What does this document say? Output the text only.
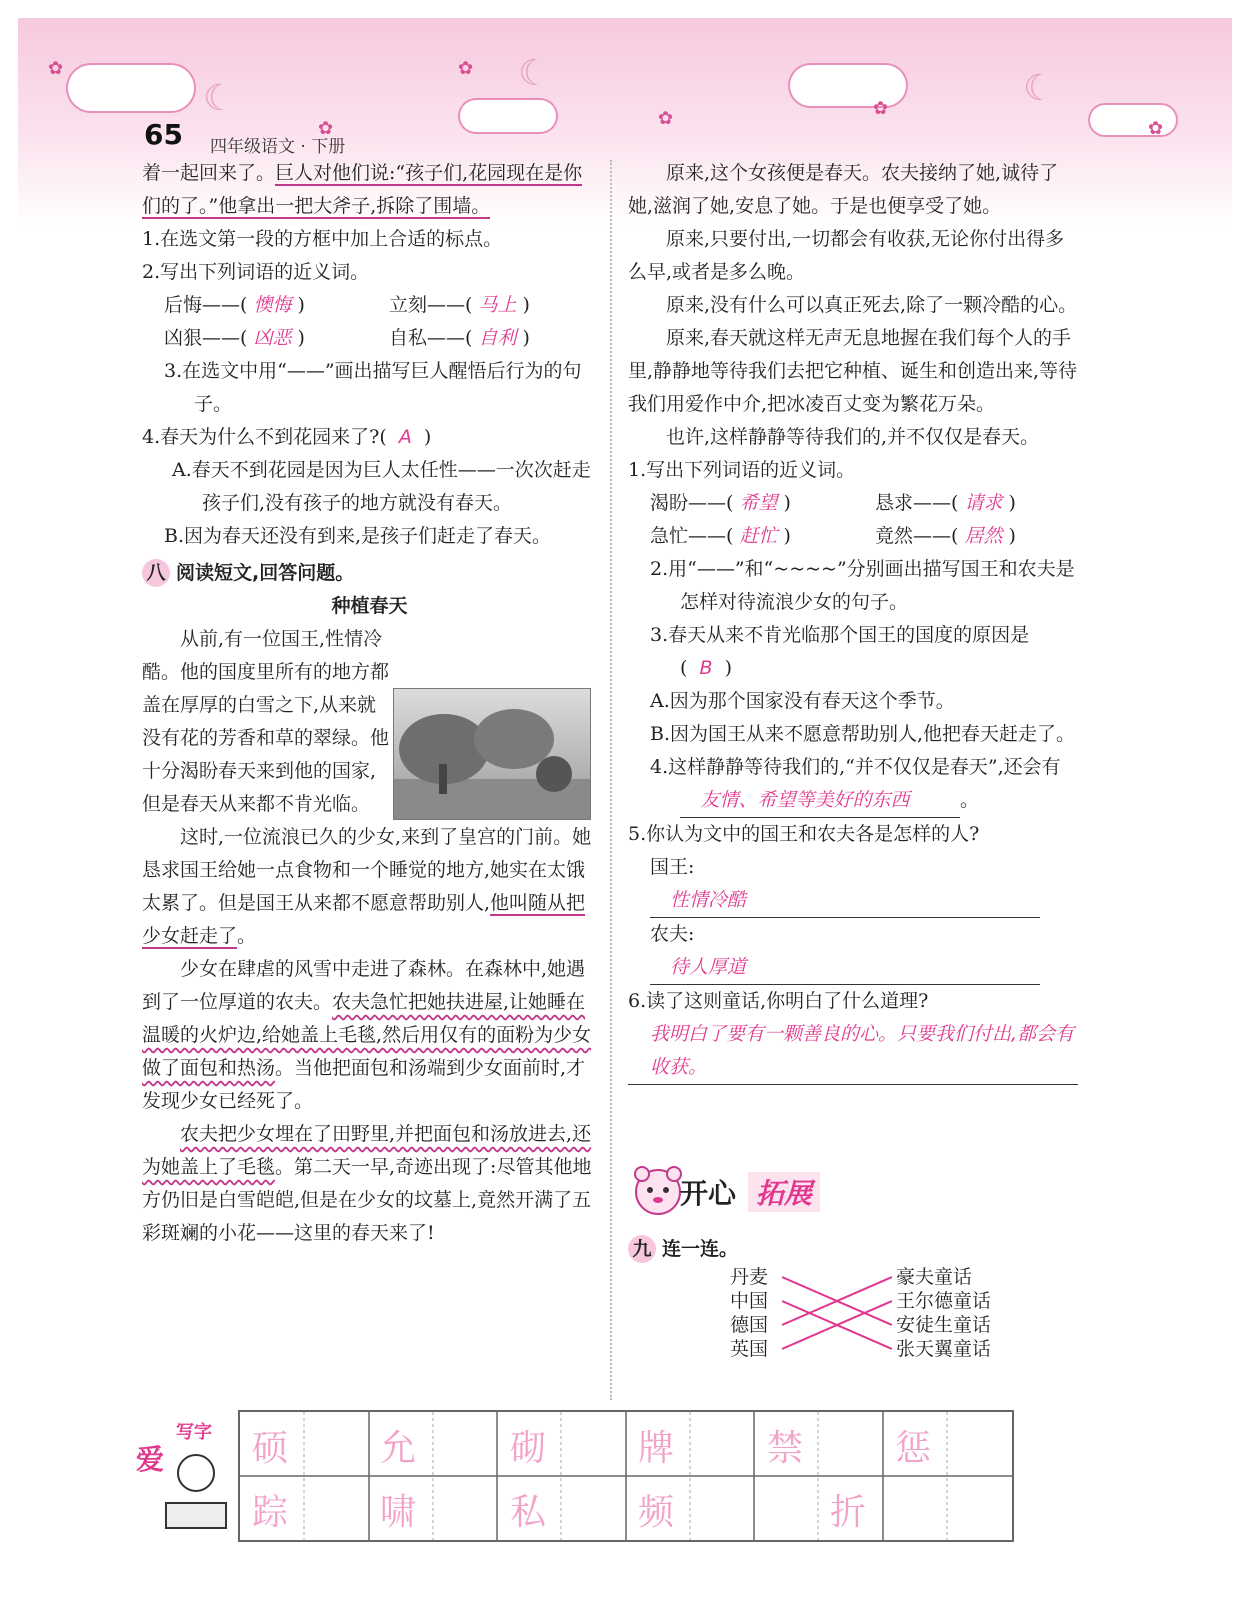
☾
☾	☾
✿	✿
✿	✿
✿
✿
65 四年级语文 · 下册

着一起回来了。巨人对他们说:“孩子们,花园现在是你们的了。”他拿出一把大斧子,拆除了围墙。

1.在选文第一段的方框中加上合适的标点。

2.写出下列词语的近义词。

后悔——( 懊悔 )	立刻——( 马上 )
凶狠——( 凶恶 )	自私——( 自利 )

3.在选文中用“——”画出描写巨人醒悟后行为的句子。

4.春天为什么不到花园来了?( A )

A.春天不到花园是因为巨人太任性——一次次赶走孩子们,没有孩子的地方就没有春天。

B.因为春天还没有到来,是孩子们赶走了春天。

八 阅读短文,回答问题。
种植春天

从前,有一位国王,性情冷酷。他的国度里所有的地方都盖在厚厚的白雪之下,从来就没有花的芳香和草的翠绿。他十分渴盼春天来到他的国家,但是春天从来都不肯光临。

这时,一位流浪已久的少女,来到了皇宫的门前。她恳求国王给她一点食物和一个睡觉的地方,她实在太饿太累了。但是国王从来都不愿意帮助别人,他叫随从把少女赶走了。

少女在肆虐的风雪中走进了森林。在森林中,她遇到了一位厚道的农夫。农夫急忙把她扶进屋,让她睡在温暖的火炉边,给她盖上毛毯,然后用仅有的面粉为少女做了面包和热汤。当他把面包和汤端到少女面前时,才发现少女已经死了。

农夫把少女埋在了田野里,并把面包和汤放进去,还为她盖上了毛毯。第二天一早,奇迹出现了:尽管其他地方仍旧是白雪皑皑,但是在少女的坟墓上,竟然开满了五彩斑斓的小花——这里的春天来了!

原来,这个女孩便是春天。农夫接纳了她,诚待了她,滋润了她,安息了她。于是也便享受了她。

原来,只要付出,一切都会有收获,无论你付出得多么早,或者是多么晚。

原来,没有什么可以真正死去,除了一颗冷酷的心。

原来,春天就这样无声无息地握在我们每个人的手里,静静地等待我们去把它种植、诞生和创造出来,等待我们用爱作中介,把冰凌百丈变为繁花万朵。

也许,这样静静等待我们的,并不仅仅是春天。

1.写出下列词语的近义词。

渴盼——( 希望 )	恳求——( 请求 )
急忙——( 赶忙 )	竟然——( 居然 )

2.用“——”和“~~~~”分别画出描写国王和农夫是怎样对待流浪少女的句子。

3.春天从来不肯光临那个国王的国度的原因是( B )

A.因为那个国家没有春天这个季节。

B.因为国王从来不愿意帮助别人,他把春天赶走了。

4.这样静静等待我们的,“并不仅仅是春天”,还会有友情、希望等美好的东西	。

5.你认为文中的国王和农夫各是怎样的人?

国王:性情冷酷
农夫:待人厚道

6.读了这则童话,你明白了什么道理?

我明白了要有一颗善良的心。只要我们付出,都会有收获。
开心 拓展
九 连一连。
丹麦
中国
德国
英国
豪夫童话
王尔德童话
安徒生童话
张天翼童话
写字
爱 硕	允	砌	牌	禁	惩
踪	啸	私	频	折
